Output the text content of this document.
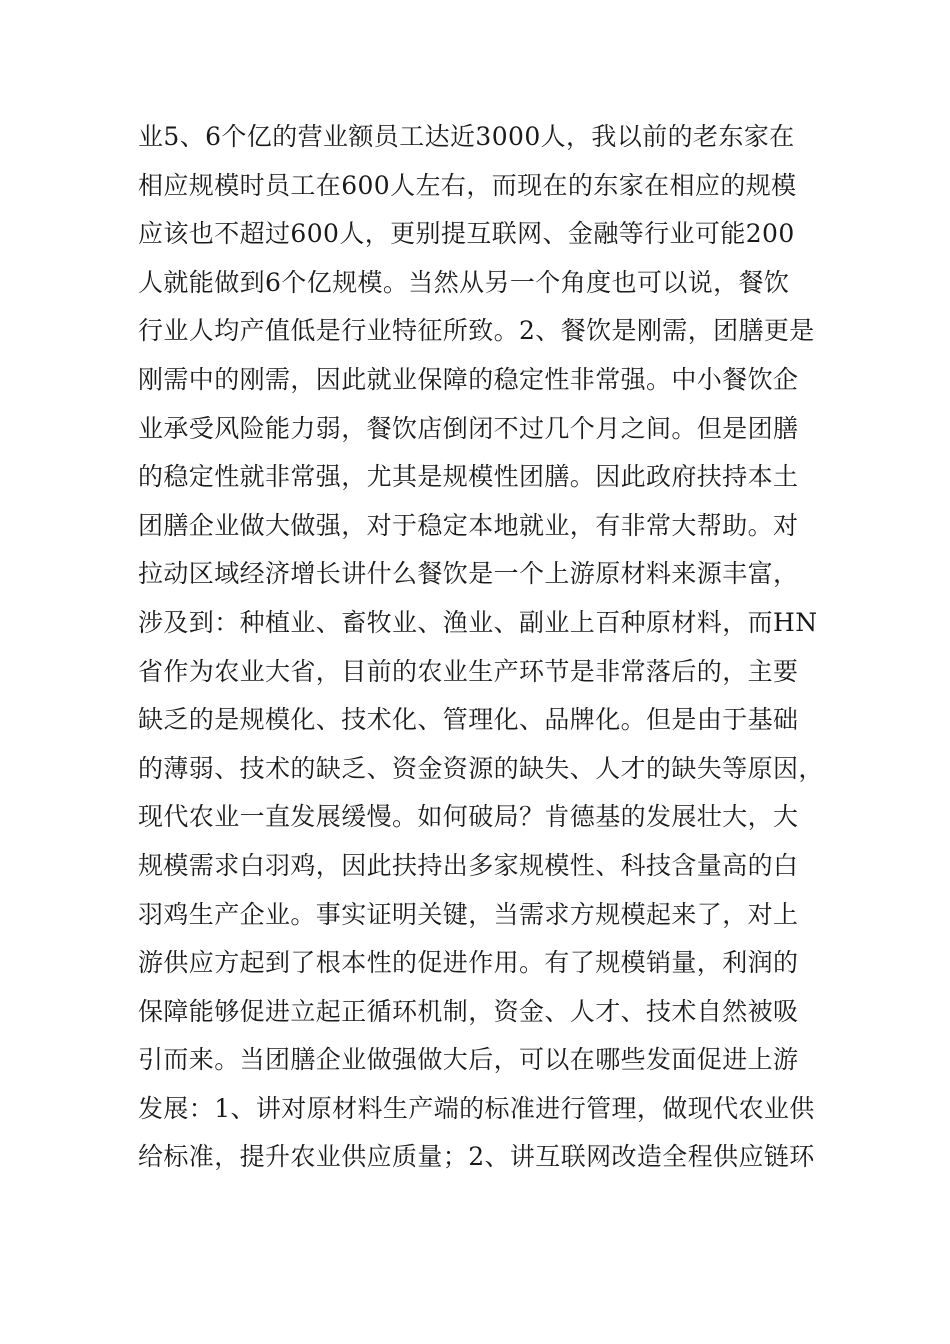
业5、6个亿的营业额员工达近3000人，我以前的老东家在
相应规模时员工在600人左右，而现在的东家在相应的规模
应该也不超过600人，更别提互联网、金融等行业可能200
人就能做到6个亿规模。当然从另一个角度也可以说，餐饮
行业人均产值低是行业特征所致。2、餐饮是刚需，团膳更是
刚需中的刚需，因此就业保障的稳定性非常强。中小餐饮企
业承受风险能力弱，餐饮店倒闭不过几个月之间。但是团膳
的稳定性就非常强，尤其是规模性团膳。因此政府扶持本土
团膳企业做大做强，对于稳定本地就业，有非常大帮助。对
拉动区域经济增长讲什么餐饮是一个上游原材料来源丰富，
涉及到：种植业、畜牧业、渔业、副业上百种原材料，而HN
省作为农业大省，目前的农业生产环节是非常落后的，主要
缺乏的是规模化、技术化、管理化、品牌化。但是由于基础
的薄弱、技术的缺乏、资金资源的缺失、人才的缺失等原因，
现代农业一直发展缓慢。如何破局？肯德基的发展壮大，大
规模需求白羽鸡，因此扶持出多家规模性、科技含量高的白
羽鸡生产企业。事实证明关键，当需求方规模起来了，对上
游供应方起到了根本性的促进作用。有了规模销量，利润的
保障能够促进立起正循环机制，资金、人才、技术自然被吸
引而来。当团膳企业做强做大后，可以在哪些发面促进上游
发展：1、讲对原材料生产端的标准进行管理，做现代农业供
给标准，提升农业供应质量；2、讲互联网改造全程供应链环
